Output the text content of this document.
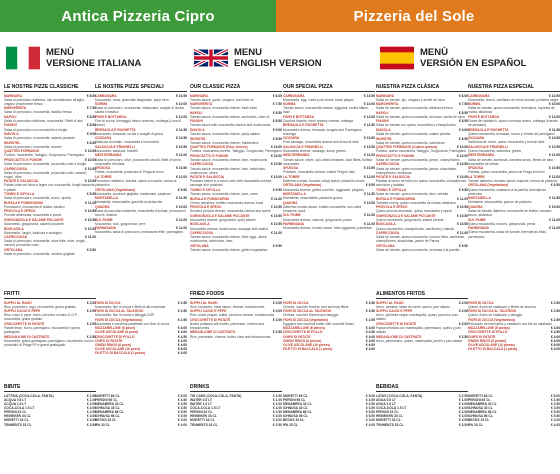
Antica Pizzeria Cipro	Pizzeria del Sole
MENÙ
VERSIONE ITALIANA
MENU
ENGLISH VERSION
MENÙ
VERSIÓN EN ESPAÑOL
LE NOSTRE PIZZE CLASSICHE
MARINARA	€ 6.00
Salsa di pomodoro datterino, olio aromatizzato all'aglio, origano proveniente fresco
MARGHERITA	€ 7.50
Salsa di pomodoro, mozzarella, basilico fresco
NAPOLI	€ 8.50
Salsa di pomodoro datterino, mozzarella. Filetti di alici
FUNGHI	€ 8.50
Salsa di pomodoro con mozzarella e funghi
DIAVOLA	€ 9.00
Salsa di pomodoro, mozzarella, salame piccante
WURSTEL	€ 8.50
Salsa di pomodoro, mozzarella, wurstel
QUATTRO FORMAGGI	€ 10.00
Fontina, mozzarella, Taleggio, Gorgonzola, Parmigiano
PROSCIUTTO E FUNGHI	€ 10.00
Salsa di pomodoro, mozzarella, prosciutto cotto e funghi
CAPRICCIOSA	€ 10.50
Salsa di pomodoro, mozzarella, prosciutto cotto, carciofi, funghi, olive
PATATE E SALSICCIA	€ 10.00
Patate cotte nel forno a legna con mozzarella, funghi salsiccia e patate
TONNO E CIPOLLA	€ 9.50
Salsa di pomodoro, mozzarella, tonno, cipolla
BUFALA E POMODORINI	€ 11.00
Pomodorini, mozzarella di bufala, basilico
PROVOLA E SPECK	€ 10.50
Provola affumicata, mozzarella e speck
GORGONZOLA E SALAME PICCANTE	€ 10.50
Mozzarella, gorgonzola, salame piccante
BOSCAIOLA	€ 10.50
Mozzarella, funghi, salsiccia e scalogno
CAPRICCIOSA	€ 11.00
Salsa di pomodoro, mozzarella, uova fritte, olive, funghi, carciofi, prosciutto cotto
ORTOLANA	€ 9.50
Salsa di pomodoro, mozzarella, verdure grigliate
LE NOSTRE PIZZE SPECIALI
CARBONARA	€ 10.50
Mozzarella, uova, guanciale stagionato, pepe nero
NORMA	€ 10.00
Salsa di pomodoro, mozzarella, melanzane, scaglie di ricotta salata e basilico
FIORI E BOTTARGA	€ 12.00
Fiori di zucca, formaggio fresco cremoso, bottarga (Luna di pesce)
BRESAOLA E RUGHETTA	€ 11.50
Mozzarella, bresaola, rucola e scaglie di grana
CIOCIARA	€ 10.50
Salsiccia di maiale, mozzarella e broccoletti
SALSICCIA E FRIARIELLI	€ 10.50
Mozzarella, salsiccia, friarielli
MEDITERRANEA	€ 11.00
Salsa di pomodoro, olive, pomodorini secchi, filetti di tonno, mozzarella di bufala
SFIZIOSA	€ 10.50
Patate, mozzarella, prosciutto di Praga al forno
LA TORRE	€ 12.00
Pomodoro datterino, burrata, speck croccante, crema al pistacchio
ORTOLANA (Vegetariana)	€ 9.50
Mozzarella, zucchine grigliate, melanzane, peperoni
MORTADELLA	€ 11.50
Mortadella, stracciatella, granella di pistacchio
QUADRA	€ 10.00
Salsa di pomodoro datterino, mozzarella di bufala, pomodorini secchi, basilico
SUL FIUME	€ 11.00
Mozzarella, noci, gorgonzola, pere
PARMIGIANA	€ 11.00
Mozzarella, salsa di pomodoro, melanzane fritte, parmigiano
OUR CLASSIC PIZZA
MARINARA	€ 6.00
Tomato sauce, garlic, oregano, and olive oil
MARGHERITA	€ 7.50
Tomato sauce, mozzarella cheese, fresh basil
NAPOLI	€ 8.50
Tomato sauce, mozzarella cheese, anchovies, olive oil
FUNGHI	€ 8.50
Tomato sauce with mozzarella cheese and mushrooms
DIAVOLA	€ 9.00
Tomato sauce, mozzarella cheese, spicy salami
WURSTEL	€ 8.50
Tomato sauce, mozzarella cheese, frankfurters
QUATTRO FORMAGGI (Four cheese)	€ 10.00
Fontina, mozzarella cheese, Taleggio, Gorgonzola, Parmigiano
PROSCIUTTO E FUNGHI	€ 10.00
Tomato sauce, mozzarella cheese, ham, mushrooms
CAPRICCIOSA	€ 10.50
Tomato sauce, mozzarella cheese, ham, artichokes, mushrooms, olives
PATATE E SALSICCIA	€ 10.00
Potatoes baked in a wood oven with mozzarella cheese, sausage and potatoes
TONNO E CIPOLLA	€ 9.50
Tomato sauce, mozzarella cheese, tuna, onion
BUFALA E POMODORINI	€ 11.00
Cherry tomatoes, buffalo mozzarella cheese, basil
PROVOLA E SPECK	€ 10.50
Smoked provola cheese, mozzarella cheese and speck
GORGONZOLA E SALAME PICCANTE	€ 10.50
Mozzarella cheese, gorgonzola, spicy salami
BOSCAIOLA	€ 10.50
Mozzarella cheese, mushrooms, sausage and shallot
CAPRICCIOSA	€ 11.00
Tomato sauce, mozzarella cheese, fried eggs, olives, mushrooms, artichokes, ham
ORTOLANA	€ 9.50
Tomato sauce, mozzarella cheese, grilled vegetables
OUR SPECIAL PIZZA
CARBONARA	€ 10.50
Mozzarella, egg, cured pork cheek, black pepper
NORMA	€ 10.00
Tomato sauce, mozzarella cheese, eggplant, ricotta flakes, basil
FIORI E BOTTARGA	€ 12.00
Zucchini flowers, fresh creamy cheese, bottarga
BRESAOLA E RUGHETTA	€ 11.50
Mozzarella cheese, bresaola, arugula and Parmigiano shavings
CIOCIARA	€ 10.50
Pork sausage, mozzarella cheese and broccoli rabe
SALSICCIA E FRIARIELLI	€ 10.50
Mozzarella cheese, sausage, turnip greens
MEDITERRANEA	€ 11.00
Tomato sauce, olives, sun-dried tomatoes, tuna fillets, buffalo mozzarella
SFIZIOSA	€ 10.50
Potatoes, mozzarella cheese, baked Prague ham
LA TORRE	€ 12.00
Datterino tomato, burrata, crispy speck, pistachio cream
ORTOLANA (Vegetarian)	€ 9.50
Mozzarella cheese, grilled zucchini, eggplants, peppers
MORTADELLA	€ 11.50
Mortadella, stracciatella, pistachio grains
QUADRA	€ 10.00
Datterino tomato sauce, buffalo mozzarella, sun-dried tomatoes, basil
SUL FIUME	€ 11.00
Mozzarella cheese, walnuts, gorgonzola, pears
PARMIGIANA	€ 11.00
Mozzarella cheese, tomato sauce, fried eggplants, parmesan
NUESTRA PIZZA CLÁSICA
MARINARA	€ 6.00
Salsa de tomate, ajo, orégano y aceite de oliva
MARGHERITA	€ 7.50
Salsa de tomate, queso mozzarella, albahaca fresca
NAPOLI	€ 8.50
Salsa de tomate, queso mozzarella, anchoas, aceite de oliva
FUNGHI	€ 8.50
Salsa de tomate con queso mozzarella y champiñones
DIAVOLA	€ 9.00
Salsa de tomate, queso mozzarella, salami picante
WURSTEL	€ 8.50
Salsa de tomate, queso mozzarella, salchichas
QUATTRO FORMAGGI (Cuatro quesos)	€ 10.00
Fontina, queso mozzarella, Taleggio, Gorgonzola, Parmigiano
PROSCIUTTO E FUNGHI	€ 10.00
Salsa de tomate, queso mozzarella, jamón, champiñones
CAPRICCIOSA	€ 10.50
Salsa de tomate, queso mozzarella, jamón, alcachofas, champiñones, aceitunas
PATATE E SALSICCIA	€ 10.00
Patatas al horno de leña con queso mozzarella, champiñones salchicha y patatas
TONNO E CIPOLLA	€ 9.50
Salsa de tomate, queso mozzarella, atún, cebolla
BUFALA E POMODORINI	€ 11.00
Tomates cherry, queso mozzarella de búfala, albahaca
PROVOLA E SPECK	€ 10.50
Queso provola ahumado, queso mozzarella y speck
GORGONZOLA E SALAME PICCANTE	€ 10.50
Queso mozzarella, gorgonzola, salami picante
BOSCAIOLA	€ 10.50
Queso mozzarella, champiñones, salchicha y chalota
CAPRICCIOSA	€ 11.00
Salsa de tomate, queso mozzarella, huevos fritos, aceitunas, champiñones, alcachofas, jamón de Parma
ORTOLANA	€ 9.50
Salsa de tomate, queso mozzarella, verduras a la parrilla
NUESTRA PIZZA ESPECIAL
CARBONARA	€ 10.50
Mozzarella, huevo, carrillada de cerdo curada, pimienta negra
NORMA	€ 10.00
Salsa de tomate, queso mozzarella, berenjena, hojuelas de ricotta, albahaca
FIORI E BOTTARGA	€ 12.00
Flores de calabacín, queso cremoso fresco, bottarga (huevas de pescado)
BRESAOLA E RUGHETTA	€ 11.50
Queso mozzarella, bresaola, rúcula y virutas de parmigiano
CIOCIARA	€ 10.50
Salchicha de cerdo, queso mozzarella y brócoli rabe
SALSICCIA E FRIARIELLI	€ 10.50
Queso mozzarella, salchicha, grelos
MEDITERRANEA	€ 11.00
Salsa de tomate, aceitunas, tomates secos, filetes de atún, mozzarella de búfala
SFIZIOSA	€ 10.50
Patatas, queso mozzarella, jamón de Praga al horno
LA TORRE	€ 12.00
Tomate datterino, burrata, speck crujiente, crema de pistacho
ORTOLANA (Vegetariana)	€ 9.50
Queso mozzarella, calabacín a la parrilla, berenjenas, pimientos
MORTADELLA	€ 11.50
Mortadela, stracciatella, granos de pistacho
QUADRA	€ 10.00
Salsa de tomate datterino, mozzarella de búfala, tomates secos, albahaca
SUL FIUME	€ 11.00
Queso mozzarella, nueces, gorgonzola, peras
PARMIGIANA	€ 11.00
Queso mozzarella, salsa de tomate, berenjenas fritas, parmesano
FRITTI
SUPPLÌ AL RAGÙ	€ 2.00
Riso, pomodoro, ragù, mozzarella, grana grattato
SUPPLÌ CACIO E PEPE	€ 2.00
Riso, cacio e pepe, burro, pecorino romano D.O.P., mozzarella, grana grattato
CROCCHETTE DI PATATE	€ 2.00
Patate lesse, burro, parmigiano, mozzarella e grana grattugiato
MEDAGLIONE DI CASTRATO	€ 2.50
Mozzarella, grana grattugiato, parmigiano, mozzarella, buono prosciutto di Praga SP e grana grattugiato

FIORI DI ZUCCA	€ 2.50
Mozzarella, fiori di zucca e filetti di alici marinate
FIORI DI ZUCCA AL TALEGGIO	€ 2.50
Mozzarella, fiori di zucca e taleggio DOP
FIORI DI ZUCCA (Vegetariano)	€ 2.50
Mozzarella e zucchine pastellate con fiore di zucca
MOZZARELLINE (6 pezzi)	€ 4.00
OLIVE ASCOLANE (6 pezzi)	€ 4.00
CROCCHETTE DI POLLO	€ 4.50
CHIPS DI PATATE	€ 4.00
ONION RINGS (6 pezzi)	€ 4.00
OLIVE ASCOLANE (10 pezzi)	€ 6.00
FILETTO DI BACCALÀ (1 pezzo)	€ 4.00
FRIED FOODS
SUPPLÌ AL RAGÙ	€ 2.00
Rice, tomatoes, meat sauce, cheese, breadcrumbs
SUPPLÌ CACIO E PEPE	€ 2.00
Rice, black pepper, butter, pecorino cheese, breadcrumbs
CROCCHETTE DI PATATE	€ 2.00
Boiled potatoes with butter, parmesan, cheese and breadcrumbs
MEDAGLIONE DI CASTRATO	€ 2.50
Rice, parmesan, cheese, butter, ham and breadcrumbs

FIORI DI ZUCCA	€ 2.50
Cheese, zucchini flowers, and anchovy fillets
FIORI DI ZUCCA AL TALEGGIO	€ 2.50
Cheese, zucchini flowers and taleggio
FIORI DI ZUCCA (Vegetarian)	€ 2.50
Eggplant and zucchini batter with zucchini flower
MOZZARELLINE (6 pieces)	€ 4.00
CROCCHETTE DI POLLO	€ 4.50
CHIPS DI PATATE	€ 4.00
ONION RINGS (6 pieces)	€ 4.00
OLIVE ASCOLANE (10 pieces)	€ 6.00
FILETTO DI BACCALÀ (1 piece)	€ 4.00
ALIMENTOS FRITOS
SUPPLÌ AL RAGÙ	€ 2.00
Arroz, tomates, salsa de carne, queso, pan rallado
SUPPLÌ CACIO E PEPE	€ 2.00
Arroz, pimienta negra, mantequilla, queso pecorino, pan rallado
CROCCHETTE DI PATATE	€ 2.00
Papas hervidas con mantequilla, parmesano, queso y pan rallado
MEDAGLIONE DI CASTRATO	€ 2.50
Arroz, parmesano, queso, mantequilla, jamón y pan rallado

FIORI DI ZUCCA	€ 2.50
Queso, flores de calabacín y filetes de anchoa
FIORI DI ZUCCA AL TALEGGIO	€ 2.50
Queso, flores de calabacín y taleggio
FIORI DI ZUCCA (Vegetariano)	€ 2.50
Rebozado de berenjena y calabacín con flor de calabacín
MOZZARELLINE (6 piezas)	€ 4.00
CROCCHETTE DI POLLO	€ 4.50
CHIPS DI PATATE	€ 4.00
ONION RINGS (6 piezas)	€ 4.00
OLIVE ASCOLANE (10 piezas)	€ 6.00
FILETTO DI BACCALÀ (1 pieza)	€ 4.00
BIBITE
LATTINA (COCA-COLA, FANTA)	€ 2.50
ACQUA 0.5 LT	€ 1.00
ACQUA 1.5 LT	€ 2.00
COCA-COLA 1.5 LT	€ 4.00
PERONI 33 CL	€ 2.50
HEINEKEN 33 CL	€ 3.00
MORETTI 33 CL	€ 3.00
TENNENTS 33 CL	€ 3.50

MORETTI 66 CL	€ 5.00
PERONI 66 CL	€ 4.50
MENABREA 33 CL	€ 3.50
ICHNUSA 33 CL	€ 3.50
MENABREA 66 CL	€ 5.50
ICHNUSA 66 CL	€ 5.50
BECKS 33 CL	€ 3.00
IPA 33 CL	€ 4.00
DRINKS
TIN CANS (COCA-COLA, FANTA)	€ 2.50
WATER 0.5 LT	€ 1.00
WATER 1.5 LT	€ 2.00
COCA-COLA 1.5 LT	€ 4.00
PERONI 33 CL	€ 2.50
HEINEKEN 33 CL	€ 3.00
MORETTI 33 CL	€ 3.00
TENNENTS 33 CL	€ 3.50

MORETTI 66 CL	€ 5.00
PERONI 66 CL	€ 4.50
MENABREA 33 CL	€ 3.50
ICHNUSA 33 CL	€ 3.50
MENABREA 66 CL	€ 5.50
ICHNUSA 66 CL	€ 5.50
BECKS 33 CL	€ 3.00
IPA 33 CL	€ 4.00
BEBIDAS
LATAS (COCA-COLA, FANTA)	€ 2.50
AGUA 0.5 LT	€ 1.00
AGUA 1.5 LT	€ 2.00
COCA-COLA 1.5 LT	€ 4.00
PERONI 33 CL	€ 2.50
HEINEKEN 33 CL	€ 3.00
MORETTI 33 CL	€ 3.00
TENNENTS 33 CL	€ 3.50

MORETTI 66 CL	€ 5.00
PERONI 66 CL	€ 4.50
MENABREA 33 CL	€ 3.50
ICHNUSA 33 CL	€ 3.50
MENABREA 66 CL	€ 5.50
ICHNUSA 66 CL	€ 5.50
BECKS 33 CL	€ 3.00
IPA 33 CL	€ 4.00
